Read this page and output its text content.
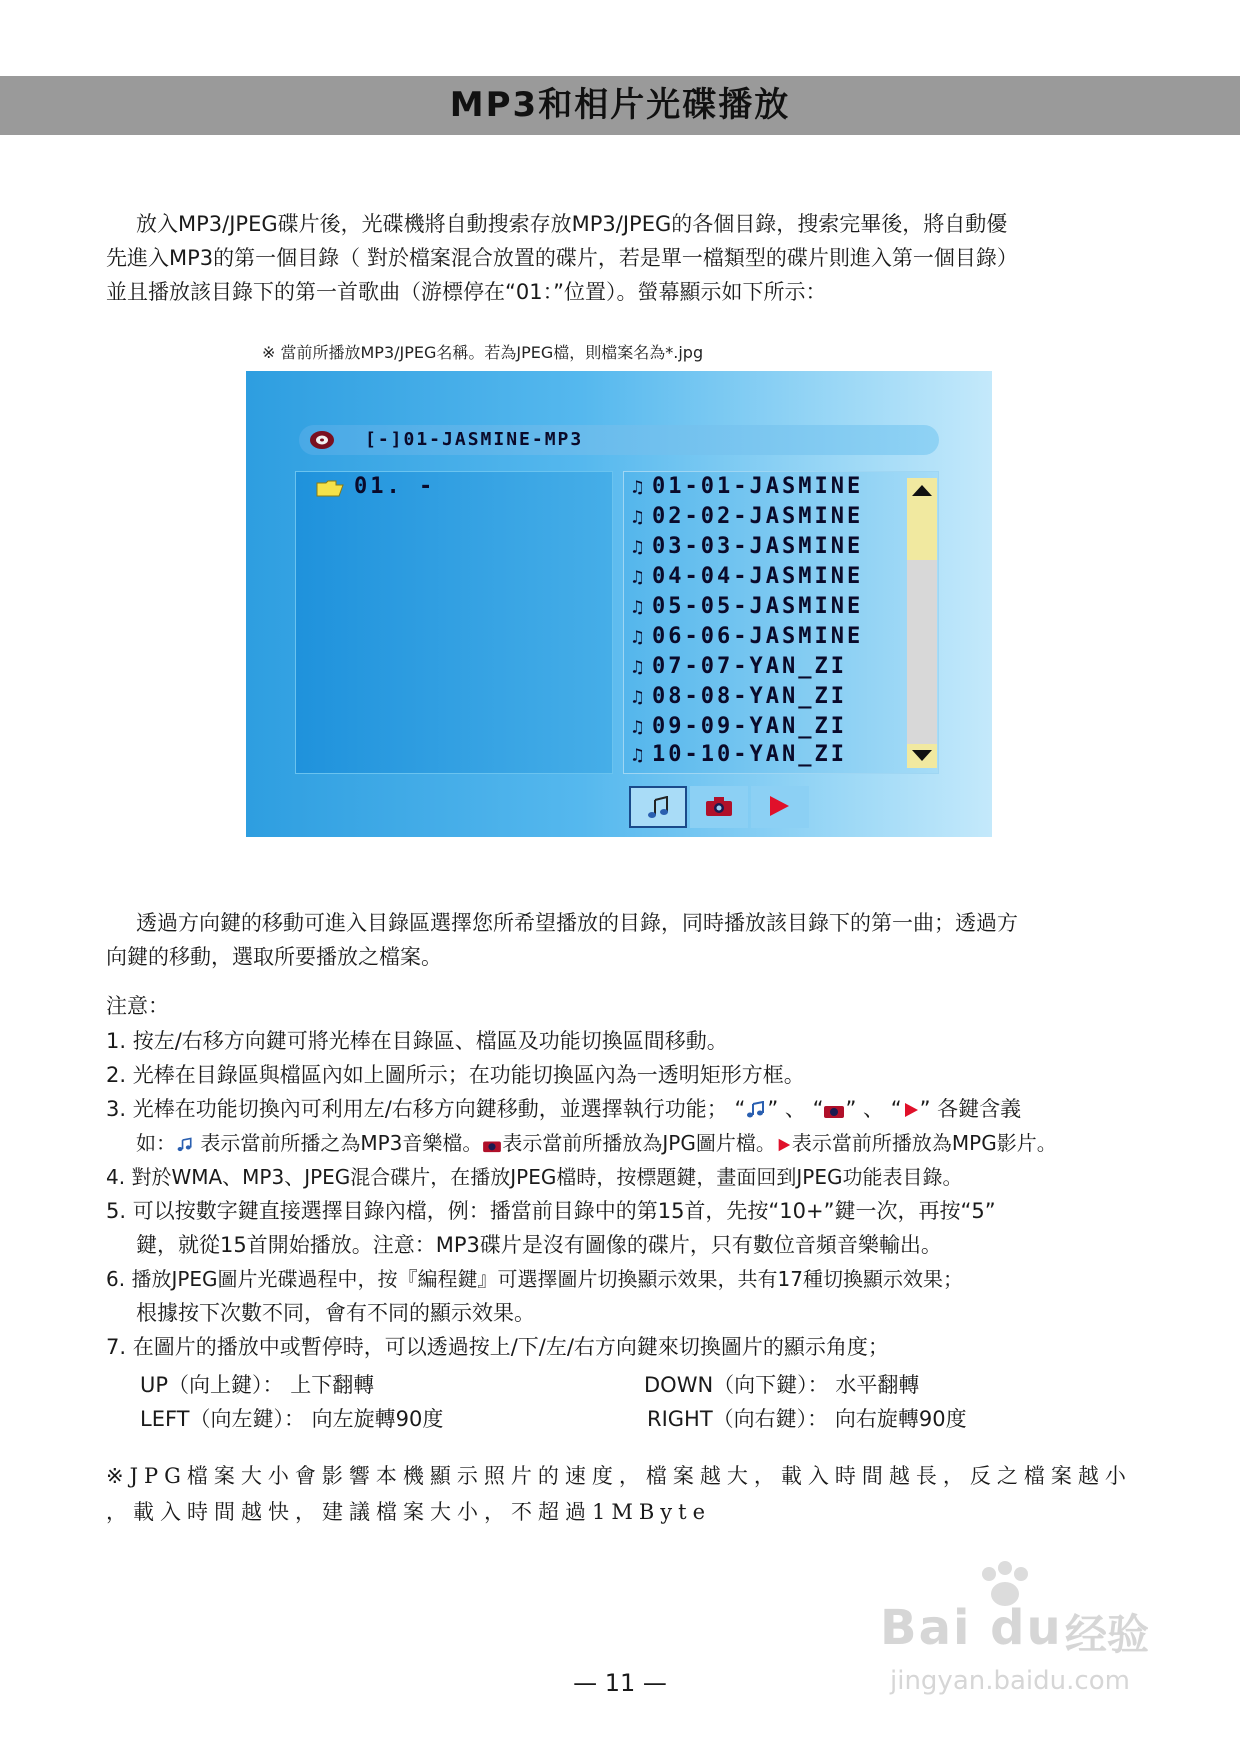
MP3和相片光碟播放
放入MP3/JPEG碟片後，光碟機將自動搜索存放MP3/JPEG的各個目錄，搜索完畢後，將自動優
先進入MP3的第一個目錄（ 對於檔案混合放置的碟片，若是單一檔類型的碟片則進入第一個目錄）
並且播放該目錄下的第一首歌曲（游標停在“01：”位置）。螢幕顯示如下所示：
※ 當前所播放MP3/JPEG名稱。若為JPEG檔，則檔案名為*.jpg
[-]01-JASMINE-MP3
01. -	♫ 01-01-JASMINE
♫ 02-02-JASMINE
♫ 03-03-JASMINE
♫ 04-04-JASMINE
♫ 05-05-JASMINE
♫ 06-06-JASMINE
♫ 07-07-YAN_ZI
♫ 08-08-YAN_ZI
♫ 09-09-YAN_ZI
♫ 10-10-YAN_ZI
透過方向鍵的移動可進入目錄區選擇您所希望播放的目錄，同時播放該目錄下的第一曲；透過方
向鍵的移動，選取所要播放之檔案。
注意：
1. 按左/右移方向鍵可將光棒在目錄區、檔區及功能切換區間移動。
2. 光棒在目錄區與檔區內如上圖所示；在功能切換區內為一透明矩形方框。
3. 光棒在功能切換內可利用左/右移方向鍵移動，並選擇執行功能； “ ” 、 “ ” 、 “ ” 各鍵含義
如： 表示當前所播之為MP3音樂檔。 表示當前所播放為JPG圖片檔。 表示當前所播放為MPG影片。
4. 對於WMA、MP3、JPEG混合碟片，在播放JPEG檔時，按標題鍵，畫面回到JPEG功能表目錄。
5. 可以按數字鍵直接選擇目錄內檔，例：播當前目錄中的第15首，先按“10+”鍵一次，再按“5”
鍵，就從15首開始播放。注意：MP3碟片是沒有圖像的碟片，只有數位音頻音樂輸出。
6. 播放JPEG圖片光碟過程中，按『編程鍵』可選擇圖片切換顯示效果，共有17種切換顯示效果；
根據按下次數不同，會有不同的顯示效果。
7. 在圖片的播放中或暫停時，可以透過按上/下/左/右方向鍵來切換圖片的顯示角度；
UP（向上鍵）： 上下翻轉	DOWN（向下鍵）： 水平翻轉
LEFT（向左鍵）： 向左旋轉90度	RIGHT（向右鍵）： 向右旋轉90度
※JPG檔案大小會影響本機顯示照片的速度，檔案越大，載入時間越長，反之檔案越小
，載入時間越快，建議檔案大小，不超過1MByte
Bai du 经验
jingyan.baidu.com
— 11 —
